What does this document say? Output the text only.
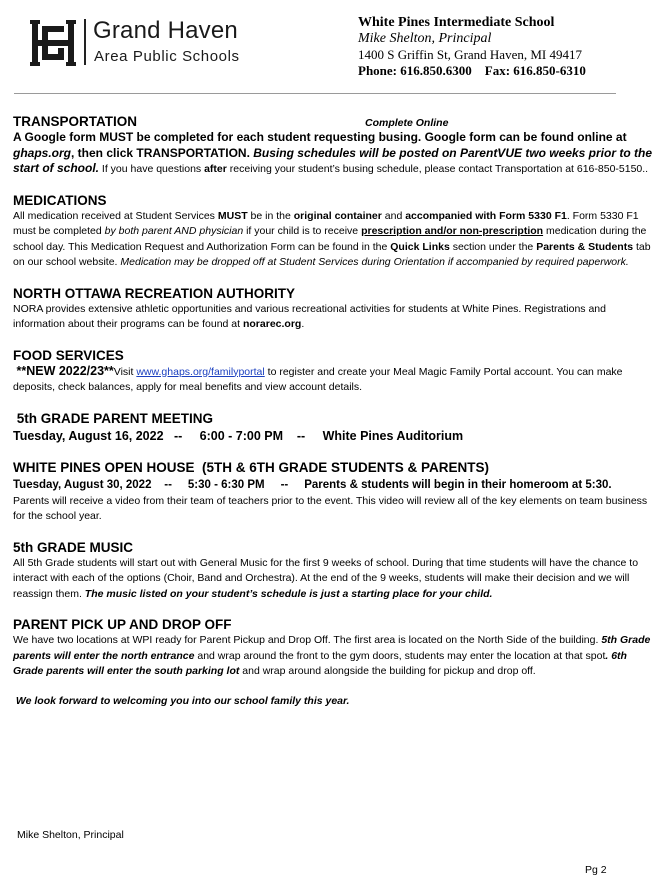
Grand Haven
Area Public Schools
White Pines Intermediate School
Mike Shelton, Principal
1400 S Griffin St, Grand Haven, MI 49417
Phone: 616.850.6300    Fax: 616.850-6310

TRANSPORTATION	Complete Online

A Google form MUST be completed for each student requesting busing. Google form can be found online at ghaps.org, then click TRANSPORTATION. Busing schedules will be posted on ParentVUE two weeks prior to the start of school. If you have questions after receiving your student’s busing schedule, please contact Transportation at 616-850-5150..

MEDICATIONS

All medication received at Student Services MUST be in the original container and accompanied with Form 5330 F1. Form 5330 F1 must be completed by both parent AND physician if your child is to receive prescription and/or non-prescription medication during the school day. This Medication Request and Authorization Form can be found in the Quick Links section under the Parents & Students tab on our school website. Medication may be dropped off at Student Services during Orientation if accompanied by required paperwork.

NORTH OTTAWA RECREATION AUTHORITY

NORA provides extensive athletic opportunities and various recreational activities for students at White Pines. Registrations and information about their programs can be found at norarec.org.

FOOD SERVICES

**NEW 2022/23**Visit www.ghaps.org/familyportal to register and create your Meal Magic Family Portal account. You can make deposits, check balances, apply for meal benefits and view account details.

5th GRADE PARENT MEETING

Tuesday, August 16, 2022   --     6:00 - 7:00 PM    --     White Pines Auditorium

WHITE PINES OPEN HOUSE  (5TH & 6TH GRADE STUDENTS & PARENTS)

Tuesday, August 30, 2022    --     5:30 - 6:30 PM     --     Parents & students will begin in their homeroom at 5:30.

Parents will receive a video from their team of teachers prior to the event. This video will review all of the key elements on team business for the school year.

5th GRADE MUSIC

All 5th Grade students will start out with General Music for the first 9 weeks of school. During that time students will have the chance to interact with each of the options (Choir, Band and Orchestra). At the end of the 9 weeks, students will make their decision and we will reassign them. The music listed on your student’s schedule is just a starting place for your child.

PARENT PICK UP AND DROP OFF

We have two locations at WPI ready for Parent Pickup and Drop Off. The first area is located on the North Side of the building. 5th Grade parents will enter the north entrance and wrap around the front to the gym doors, students may enter the location at that spot. 6th Grade parents will enter the south parking lot and wrap around alongside the building for pickup and drop off.

We look forward to welcoming you into our school family this year.

Mike Shelton, Principal
Pg 2
